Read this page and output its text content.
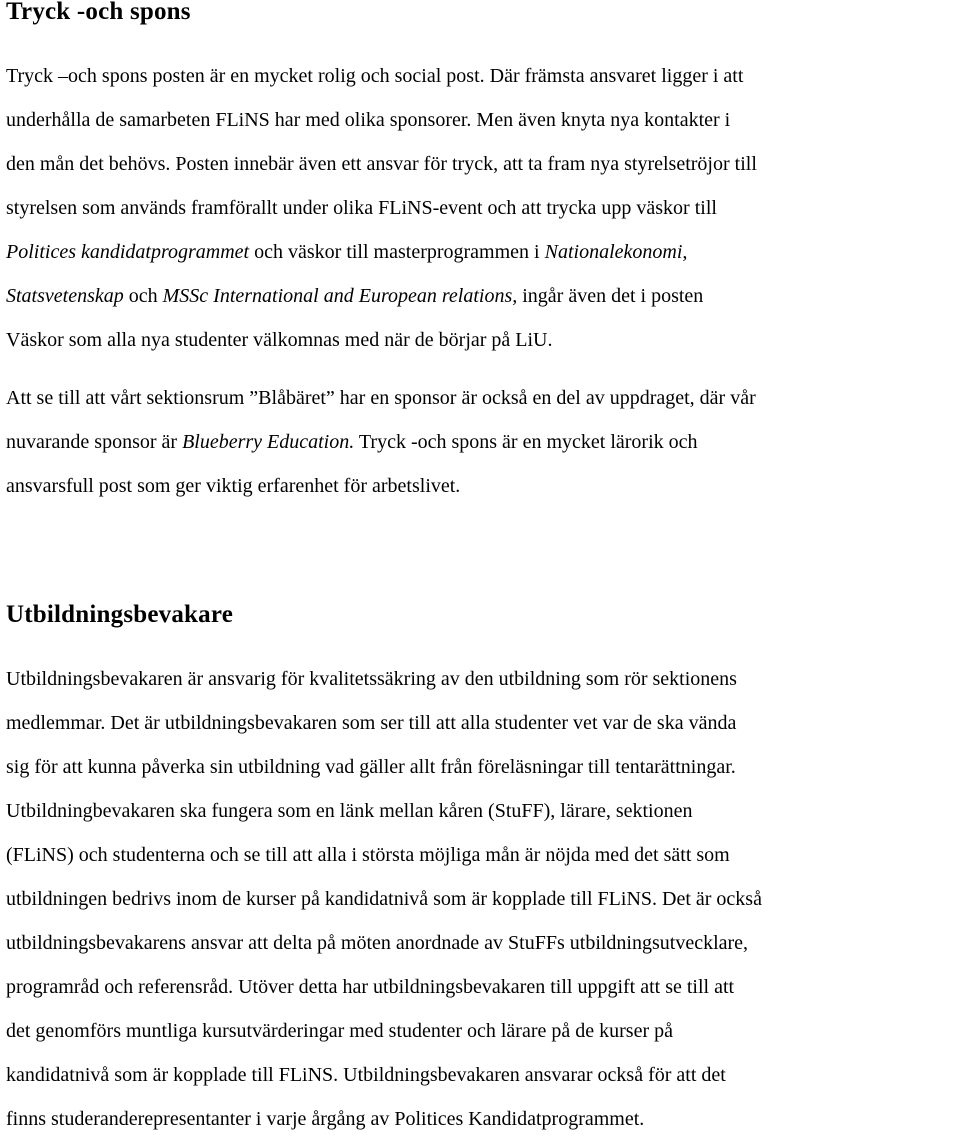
Tryck -och spons

Tryck –och spons posten är en mycket rolig och social post. Där främsta ansvaret ligger i att
underhålla de samarbeten FLiNS har med olika sponsorer. Men även knyta nya kontakter i
den mån det behövs. Posten innebär även ett ansvar för tryck, att ta fram nya styrelsetröjor till
styrelsen som används framförallt under olika FLiNS-event och att trycka upp väskor till
Politices kandidatprogrammet och väskor till masterprogrammen i Nationalekonomi,
Statsvetenskap och MSSc International and European relations, ingår även det i posten
Väskor som alla nya studenter välkomnas med när de börjar på LiU.

Att se till att vårt sektionsrum ”Blåbäret” har en sponsor är också en del av uppdraget, där vår
nuvarande sponsor är Blueberry Education. Tryck -och spons är en mycket lärorik och
ansvarsfull post som ger viktig erfarenhet för arbetslivet.

Utbildningsbevakare

Utbildningsbevakaren är ansvarig för kvalitetssäkring av den utbildning som rör sektionens
medlemmar. Det är utbildningsbevakaren som ser till att alla studenter vet var de ska vända
sig för att kunna påverka sin utbildning vad gäller allt från föreläsningar till tentarättningar.
Utbildningbevakaren ska fungera som en länk mellan kåren (StuFF), lärare, sektionen
(FLiNS) och studenterna och se till att alla i största möjliga mån är nöjda med det sätt som
utbildningen bedrivs inom de kurser på kandidatnivå som är kopplade till FLiNS. Det är också
utbildningsbevakarens ansvar att delta på möten anordnade av StuFFs utbildningsutvecklare,
programråd och referensråd. Utöver detta har utbildningsbevakaren till uppgift att se till att
det genomförs muntliga kursutvärderingar med studenter och lärare på de kurser på
kandidatnivå som är kopplade till FLiNS. Utbildningsbevakaren ansvarar också för att det
finns studeranderepresentanter i varje årgång av Politices Kandidatprogrammet.
